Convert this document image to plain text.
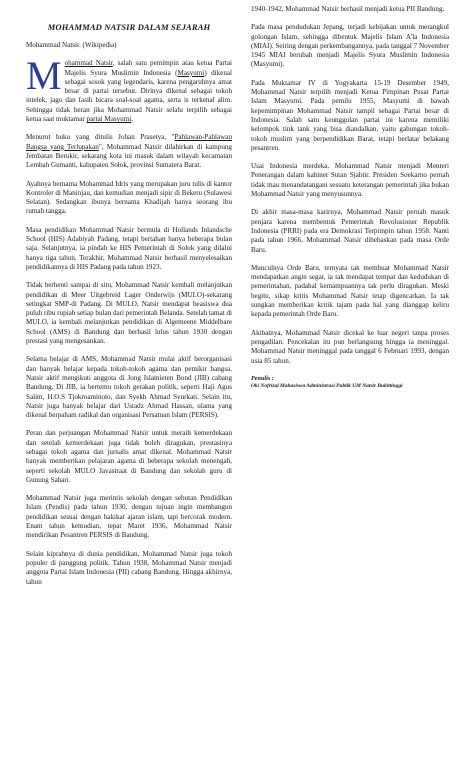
MOHAMMAD NATSIR DALAM SEJARAH

Mohammad Natsir. (Wikipedia)

Mohammad Natsir, salah satu pemimpin atau ketua Partai Majelis Syura Muslimin Indonesia (Masyumi) dikenal sebagai sosok yang legendaris, karena pengaruhnya amat besar di partai tersebut. Dirinya dikenal sebagai tokoh intelek, jago dan fasih bicara soal-soal agama, serta is terkenal alim. Sehingga tidak heran jika Mohammad Natsir selalu terpilih sebagai ketua saat muktamar partai Masyumi.

Menurut buku yang ditulis Johan Prasetya, "Pahlawan-Pahlawan Bangsa yang Terlupakan", Mohammad Natsir dilahirkan di kampung Jembatan Berukir, sekarang kota ini masuk dalam wilayah kecamatan Lembah Gumanti, kabupaten Solok, provinsi Sumatera Barat.

Ayahnya bernama Mohammad Idris yang merupakan juru tulis di kantor Kontroler di Maninjau, dan kemudian menjadi sipir di Bekeru (Sulawesi Selatan). Sedangkan ibunya bernama Khadijah hanya seorang ibu rumah tangga.

Masa pendidikan Mohammad Natsir bermula di Hollands Inlandsche School (HIS) Adabiyah Padang, tetapi bertahan hanya beberapa bulan saja. Selanjutnya, ia pindah ke HIS Pemerintah di Solok yang dilalui hanya tiga tahun. Terakhir, Mohammad Natsir berhasil menyelesaikan pendidikannya di HIS Padang pada tahun 1923.

Tidak berhenti sampai di situ, Mohammad Natsir kembali melanjutkan pendidikan di Meer Uitgebreid Lager Onderwijs (MULO)-sekarang setingkat SMP-di Padang. Di MULO, Natsir mendapat beasiswa dua puluh ribu rupiah setiap bulan dari pemerintah Belanda. Setelah tamat di MULO, ia kembali melanjutkan pendidikan di Algemeene Middelbare School (AMS) di Bandung dan berhasil lulus tahun 1930 dengan prestasi yang mengesankan.

Selama belajar di AMS, Mohammad Natsir mulai aktif berorganisasi dan banyak belajar kepada tokoh-tokoh agama dan pemikir bangsa. Natsir aktif mengikuti anggota di Jong Islamieten Bond (JIB) cabang Bandung. Di JIB, ia bertemu tokoh gerakan politik, seperti Haji Agus Salim, H.O.S Tjokroaminoto, dan Syekh Ahmad Syurkati. Selain itu, Natsir juga banyak belajar dari Ustadz Ahmad Hassan, ulama yang dikenal berpaham radikal dan organisasi Persatuan Islam (PERSIS).

Peran dan perjuangan Mohammad Natsir untuk meraih kemerdekaan dan setelah kemerdekaan juga tidak boleh diragukan, prestasinya sebagai tokoh agama dan jurnalis amat dikenal. Mohammad Natsir banyak memberikan pelajaran agama di beberapa sekolah menengah, seperti sekolah MULO Javastraat di Bandung dan sekolah guru di Gunung Sahari.

Mohammad Natsir juga merintis sekolah dengan sebutan Pendidikan Islam (Pendis) pada tahun 1930, dengan tujuan ingin membangun pendidikan sesuai dengan hakikat ajaran islam, tapi bercorak modern. Enam tahun kemudian, tepat Maret 1936, Mohammad Natsir mendirikan Pesantren PERSIS di Bandung.

Selain kiprahnya di dunia pendidikan, Mohammad Natsir juga tokoh populer di panggung politik. Tahun 1938, Mohammad Natsir menjadi anggota Partai Islam Indonesia (PII) cabang Bandung. Hingga akhirnya, tahun

1940-1942, Mohammad Natsir berhasil menjadi ketua PII Bandung.

Pada masa pendudukan Jepang, terjadi kebijakan untuk merangkul golongan Islam, sehingga dibentuk Majelis Islam A'la Indonesia (MIAI). Seiring dengan perkembangannya, pada tanggal 7 November 1945 MIAI berubah menjadi Majelis Syura Muslimin Indonesia (Masyumi).

Pada Muktamar IV di Yogyakarta 15-19 Desember 1949, Mohammad Natsir terpilih menjadi Ketua Pimpinan Pusat Partai Islam Masyumi. Pada pemilu 1955, Masyumi di bawah kepemimpinan Mohammad Natsir tampil sebagai Partai besar di Indonesia. Salah satu keunggulan partai ini karena memiliki kelompok tink tank yang bisa diandalkan, yaitu gabungan tokoh-tokoh muslim yang berpendidikan Barat, tetapi berlatar belakang pesantren.

Usai Indonesia merdeka, Mohammad Natsir menjadi Menteri Penerangan dalam kabinet Sutan Sjahtir. Presiden Soekarno pernah tidak mau menandatangani sesuatu keterangan pemerintah jika bukan Mohammad Natsir yang menyusunnya.

Di akhir masa-masa karirnya, Mohammad Natsir pernah masuk penjara karena membentuk Pemerintah Revolusioner Republik Indonesia (PRRI) pada era Demokrasi Terpimpin tahun 1958. Nanti pada tahun 1966, Mohammad Natsir dibebaskan pada masa Orde Baru.

Munculnya Orde Baru, ternyata tak membuat Mohammad Natsir mendapatkan angin segar, ia tak mendapat tempat dan kedudukan di pemerintahan, padahal kemampuannya tak perlu diragukan. Meski begitu, sikap kritis Mohammad Natsir tetap digencarkan. Ia tak sungkan memberikan kritik tajam pada hal yang dianggap keliru kepada pemerintah Orde Baru.

Akibatnya, Mohammad Natsir dicekal ke luar negeri tanpa proses pengadilan. Pencekalan itu pun berlangsung hingga ia meninggal. Mohammad Natsir meninggal pada tanggal 6 Februari 1993, dengan usia 85 tahun.

Penulis :

Oki Nofrizal Mahasiswa Administrasi Publik UM Natsir Bukittinggi
